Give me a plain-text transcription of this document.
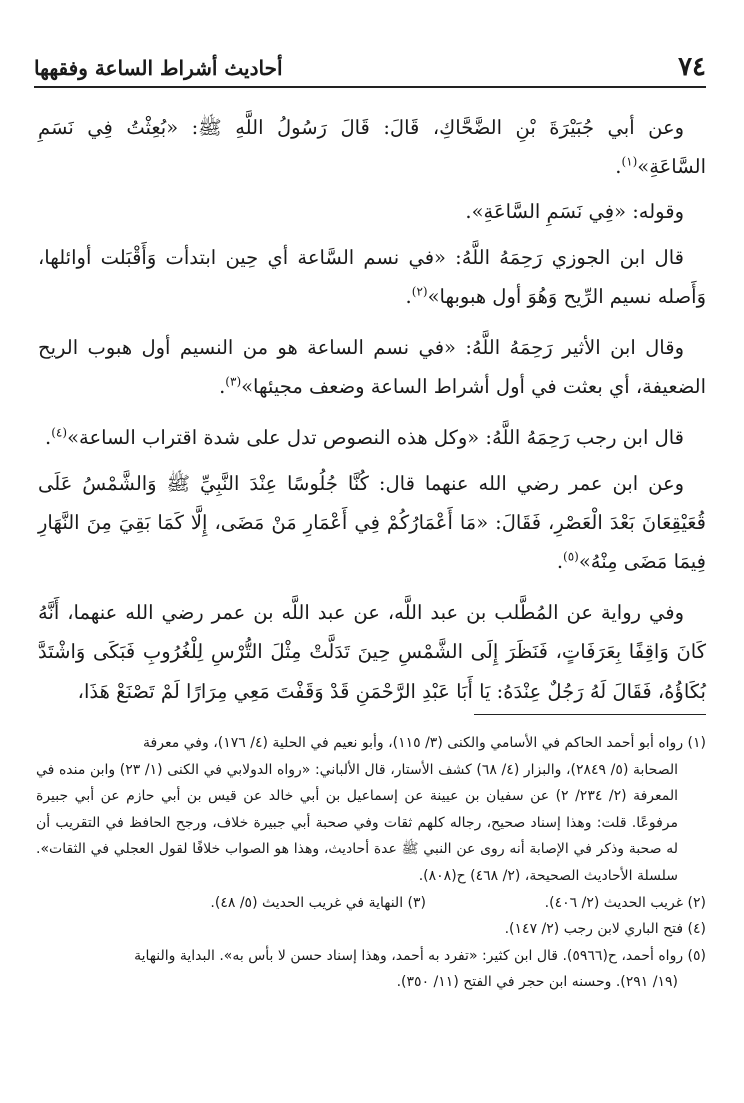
٧٤
أحاديث أشراط الساعة وفقهها

وعن أبي جُبَيْرَةَ بْنِ الضَّحَّاكِ، قَالَ: قَالَ رَسُولُ اللَّهِ ﷺ: «بُعِثْتُ فِي نَسَمِ السَّاعَةِ»$^{(١)}$.

وقوله: «فِي نَسَمِ السَّاعَةِ».

قال ابن الجوزي رَحِمَهُ اللَّهُ: «في نسم السَّاعة أي حِين ابتدأت وَأَقْبَلت أوائلها، وَأَصله نسيم الرِّيح وَهُوَ أول هبوبها»$^{(٢)}$.

وقال ابن الأثير رَحِمَهُ اللَّهُ: «في نسم الساعة هو من النسيم أول هبوب الريح الضعيفة، أي بعثت في أول أشراط الساعة وضعف مجيئها»$^{(٣)}$.

قال ابن رجب رَحِمَهُ اللَّهُ: «وكل هذه النصوص تدل على شدة اقتراب الساعة»$^{(٤)}$.

وعن ابن عمر رضي الله عنهما قال: كُنَّا جُلُوسًا عِنْدَ النَّبِيِّ ﷺ وَالشَّمْسُ عَلَى قُعَيْقِعَانَ بَعْدَ الْعَصْرِ، فَقَالَ: «مَا أَعْمَارُكُمْ فِي أَعْمَارِ مَنْ مَضَى، إِلَّا كَمَا بَقِيَ مِنَ النَّهَارِ فِيمَا مَضَى مِنْهُ»$^{(٥)}$.

وفي رواية عن المُطَّلب بن عبد اللَّه، عن عبد اللَّه بن عمر رضي الله عنهما، أَنَّهُ كَانَ وَاقِفًا بِعَرَفَاتٍ، فَنَظَرَ إِلَى الشَّمْسِ حِينَ تَدَلَّتْ مِثْلَ التُّرْسِ لِلْغُرُوبِ فَبَكَى وَاشْتَدَّ بُكَاؤُهُ، فَقَالَ لَهُ رَجُلٌ عِنْدَهُ: يَا أَبَا عَبْدِ الرَّحْمَنِ قَدْ وَقَفْتَ مَعِي مِرَارًا لَمْ تَصْنَعْ هَذَا،

(١) رواه أبو أحمد الحاكم في الأسامي والكنى (٣/ ١١٥)، وأبو نعيم في الحلية (٤/ ١٧٦)، وفي معرفة
الصحابة (٥/ ٢٨٤٩)، والبزار (٤/ ٦٨) كشف الأستار، قال الألباني: «رواه الدولابي في الكنى (١/ ٢٣) وابن منده في المعرفة (٢/ ٢٣٤/ ٢) عن سفيان بن عيينة عن إسماعيل بن أبي خالد عن قيس بن أبي حازم عن أبي جبيرة مرفوعًا. قلت: وهذا إسناد صحيح، رجاله كلهم ثقات وفي صحبة أبي جبيرة خلاف، ورجح الحافظ في التقريب أن له صحبة وذكر في الإصابة أنه روى عن النبي ﷺ عدة أحاديث، وهذا هو الصواب خلافًا لقول العجلي في الثقات». سلسلة الأحاديث الصحيحة، (٢/ ٤٦٨) ح(٨٠٨).
(٢) غريب الحديث (٢/ ٤٠٦).
(٣) النهاية في غريب الحديث (٥/ ٤٨).
(٤) فتح الباري لابن رجب (٢/ ١٤٧).
(٥) رواه أحمد، ح(٥٩٦٦). قال ابن كثير: «تفرد به أحمد، وهذا إسناد حسن لا بأس به». البداية والنهاية
(١٩/ ٢٩١). وحسنه ابن حجر في الفتح (١١/ ٣٥٠).
